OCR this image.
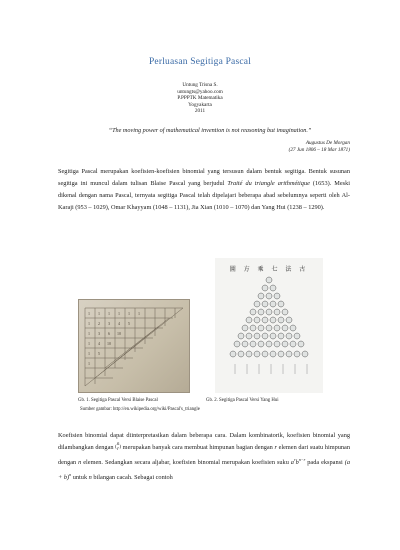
Perluasan Segitiga Pascal
Untung Trisna S.
untungts@yahoo.com
P.PPPTK Matematika
Yogyakarta
2011
“The moving power of mathematical invention is not reasoning but imagination.”
Augustus De Morgan
(27 Jun 1806 – 18 Mar 1871)
Segitiga Pascal merupakan koefisien-koefisien binomial yang tersusun dalam bentuk segitiga. Bentuk susunan segitiga ini muncul dalam tulisan Blaise Pascal yang berjudul Traité du triangle arithmétique (1653). Meski dikenal dengan nama Pascal, ternyata segitiga Pascal telah dipelajari beberapa abad sebelumnya seperti oleh Al-Karaji (953 – 1029), Omar Khayyam (1048 – 1131), Jia Xian (1010 – 1070) dan Yang Hui (1238 – 1290).
1 1 1 1 1 1
1 2 3 4 5
1 3 6 10
1 4 10
1 5
1
圖 方 乘 七 法 古
Gb. 1. Segitiga Pascal Versi Blaise Pascal	Gb. 2. Segitiga Pascal Versi Yang Hui
Sumber gambar: http://en.wikipedia.org/wiki/Pascal's_triangle
Koefisien binomial dapat diinterpretasikan dalam beberapa cara. Dalam kombinatorik, koefisien binomial yang dilambangkan dengan (
n
r ) merupakan banyak cara membuat himpunan bagian dengan r elemen dari suatu himpunan dengan n elemen. Sedangkan secara aljabar, koefisien binomial merupakan koefisien suku $a^rb^{n-r}$ pada ekspansi $(a + b)^n$ untuk n bilangan cacah. Sebagai contoh
